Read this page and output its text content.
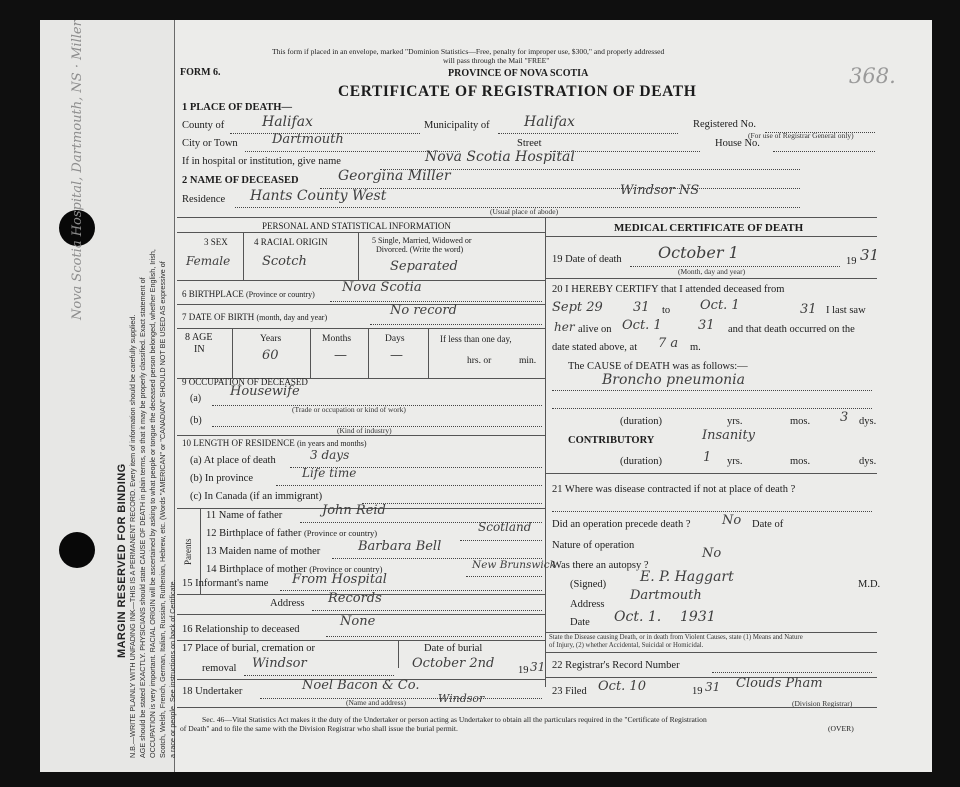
MARGIN RESERVED FOR BINDING N.B.—WRITE PLAINLY WITH UNFADING INK—THIS IS A PERMANENT RECORD. Every item of information should be carefully supplied. AGE should be stated EXACTLY. PHYSICIANS should state CAUSE OF DEATH in plain terms, so that it may be properly classified. Exact statement of OCCUPATION is very important. RACIAL ORIGIN will be ascertained by asking to what people or tongue the deceased person belonged, whether English, Irish, Scotch, Welsh, French, German, Italian, Russian, Ruthenian, Hebrew, etc. (Words "AMERICAN" or "CANADIAN" SHOULD NOT BE USED AS expressive of a race or people. See instructions on back of Certificate.
Nova Scotia Hospital, Dartmouth, NS · Miller	This form if placed in an envelope, marked "Dominion Statistics—Free, penalty for improper use, $300," and properly addressed
will pass through the Mail "FREE"
FORM 6.	PROVINCE OF NOVA SCOTIA
CERTIFICATE OF REGISTRATION OF DEATH
368.
1 PLACE OF DEATH—
County of	Halifax	Municipality of Halifax	Registered No.
(For use of Registrar General only)
City or Town	Dartmouth	Street	House No.
If in hospital or institution, give name	Nova Scotia Hospital
2 NAME OF DECEASED	Georgina Miller
Residence Hants County West	Windsor NS
(Usual place of abode)
PERSONAL AND STATISTICAL INFORMATION
3 SEX
Female
4 RACIAL ORIGIN
Scotch
5 Single, Married, Widowed or
Divorced. (Write the word)
Separated
6 BIRTHPLACE (Province or country) Nova Scotia
7 DATE OF BIRTH (month, day and year)	No record
8 AGE
IN
Years
60
Months
—
Days
—
If less than one day,
hrs. or	min.
9 OCCUPATION OF DECEASED
(a) Housewife
(Trade or occupation or kind of work)
(b)
(Kind of industry)
10 LENGTH OF RESIDENCE (in years and months)
(a) At place of death	3 days
(b) In province	Life time
(c) In Canada (if an immigrant)
Parents
11 Name of father	John Reid
12 Birthplace of father (Province or country)	Scotland
13 Maiden name of mother	Barbara Bell
14 Birthplace of mother (Province or country)	New Brunswick
15 Informant's name From Hospital
Address Records
16 Relationship to deceased
None
17 Place of burial, cremation or
removal Windsor
Date of burial
October 2nd 19 31
18 Undertaker	Noel Bacon & Co.
(Name and address)	Windsor
MEDICAL CERTIFICATE OF DEATH
19 Date of death October 1
(Month, day and year)
19 31
20 I HEREBY CERTIFY that I attended deceased from
Sept 29 31 to Oct. 1	31 I last saw
her alive on Oct. 1	31 and that death occurred on the
date stated above, at 7 a m.
The CAUSE of DEATH was as follows:—
Broncho pneumonia
(duration)	yrs.	mos. 3 dys.
CONTRIBUTORY	Insanity
(duration)	1 yrs.	mos.	dys.
21 Where was disease contracted if not at place of death ?
Did an operation precede death ? No Date of
Nature of operation
Was there an autopsy ?
No
(Signed) E. P. Haggart	M.D.
Address
Dartmouth
Date Oct. 1. 1931
State the Disease causing Death, or in death from Violent Causes, state (1) Means and Nature
of Injury, (2) whether Accidental, Suicidal or Homicidal.
22 Registrar's Record Number
23 Filed Oct. 10	19 31 Clouds Pham
(Division Registrar)
Sec. 46—Vital Statistics Act makes it the duty of the Undertaker or person acting as Undertaker to obtain all the particulars required in the "Certificate of Registration
of Death" and to file the same with the Division Registrar who shall issue the burial permit.	(OVER)
